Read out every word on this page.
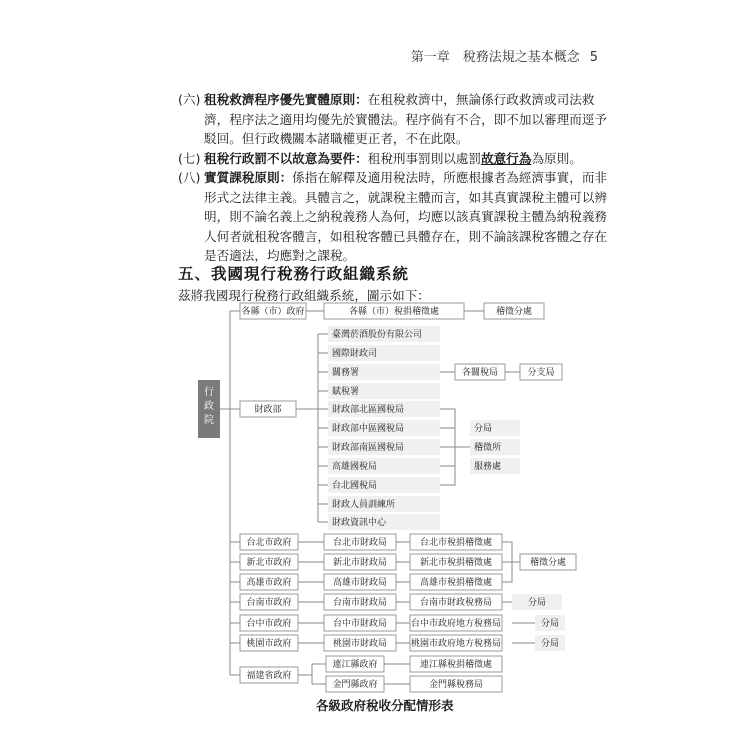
第一章　稅務法規之基本概念 5
(六) 租稅救濟程序優先實體原則：在租稅救濟中，無論係行政救濟或司法救
濟，程序法之適用均優先於實體法。程序倘有不合，即不加以審理而逕予
駁回。但行政機關本諸職權更正者，不在此限。
(七) 租稅行政罰不以故意為要件：租稅刑事罰則以處罰故意行為為原則。
(八) 實質課稅原則：係指在解釋及適用稅法時，所應根據者為經濟事實，而非
形式之法律主義。具體言之，就課稅主體而言，如其真實課稅主體可以辨
明，則不論名義上之納稅義務人為何，均應以該真實課稅主體為納稅義務
人何者就租稅客體言，如租稅客體已具體存在，則不論該課稅客體之存在
是否適法，均應對之課稅。
五、我國現行稅務行政組織系統
茲將我國現行稅務行政組織系統，圖示如下：
行
政
院
各縣（市）政府	各縣（市）稅捐稽徵處	稽徵分處
財政部
臺灣菸酒股份有限公司
國際財政司
關務署
賦稅署
財政部北區國稅局
財政部中區國稅局
財政部南區國稅局
高雄國稅局
台北國稅局
財政人員訓練所
財政資訊中心
各關稅局	分支局
分局
稽徵所
服務處
台北市政府	台北市財政局	台北市稅捐稽徵處
新北市政府	新北市財政局	新北市稅捐稽徵處
高雄市政府	高雄市財政局	高雄市稅捐稽徵處
台南市政府	台南市財政局	台南市財政稅務局
台中市政府	台中市財政局	台中市政府地方稅務局
桃園市政府	桃園市財政局	桃園市政府地方稅務局
稽徵分處
分局
分局
分局
福建省政府
連江縣政府	連江縣稅捐稽徵處
金門縣政府	金門縣稅務局
各級政府稅收分配情形表
